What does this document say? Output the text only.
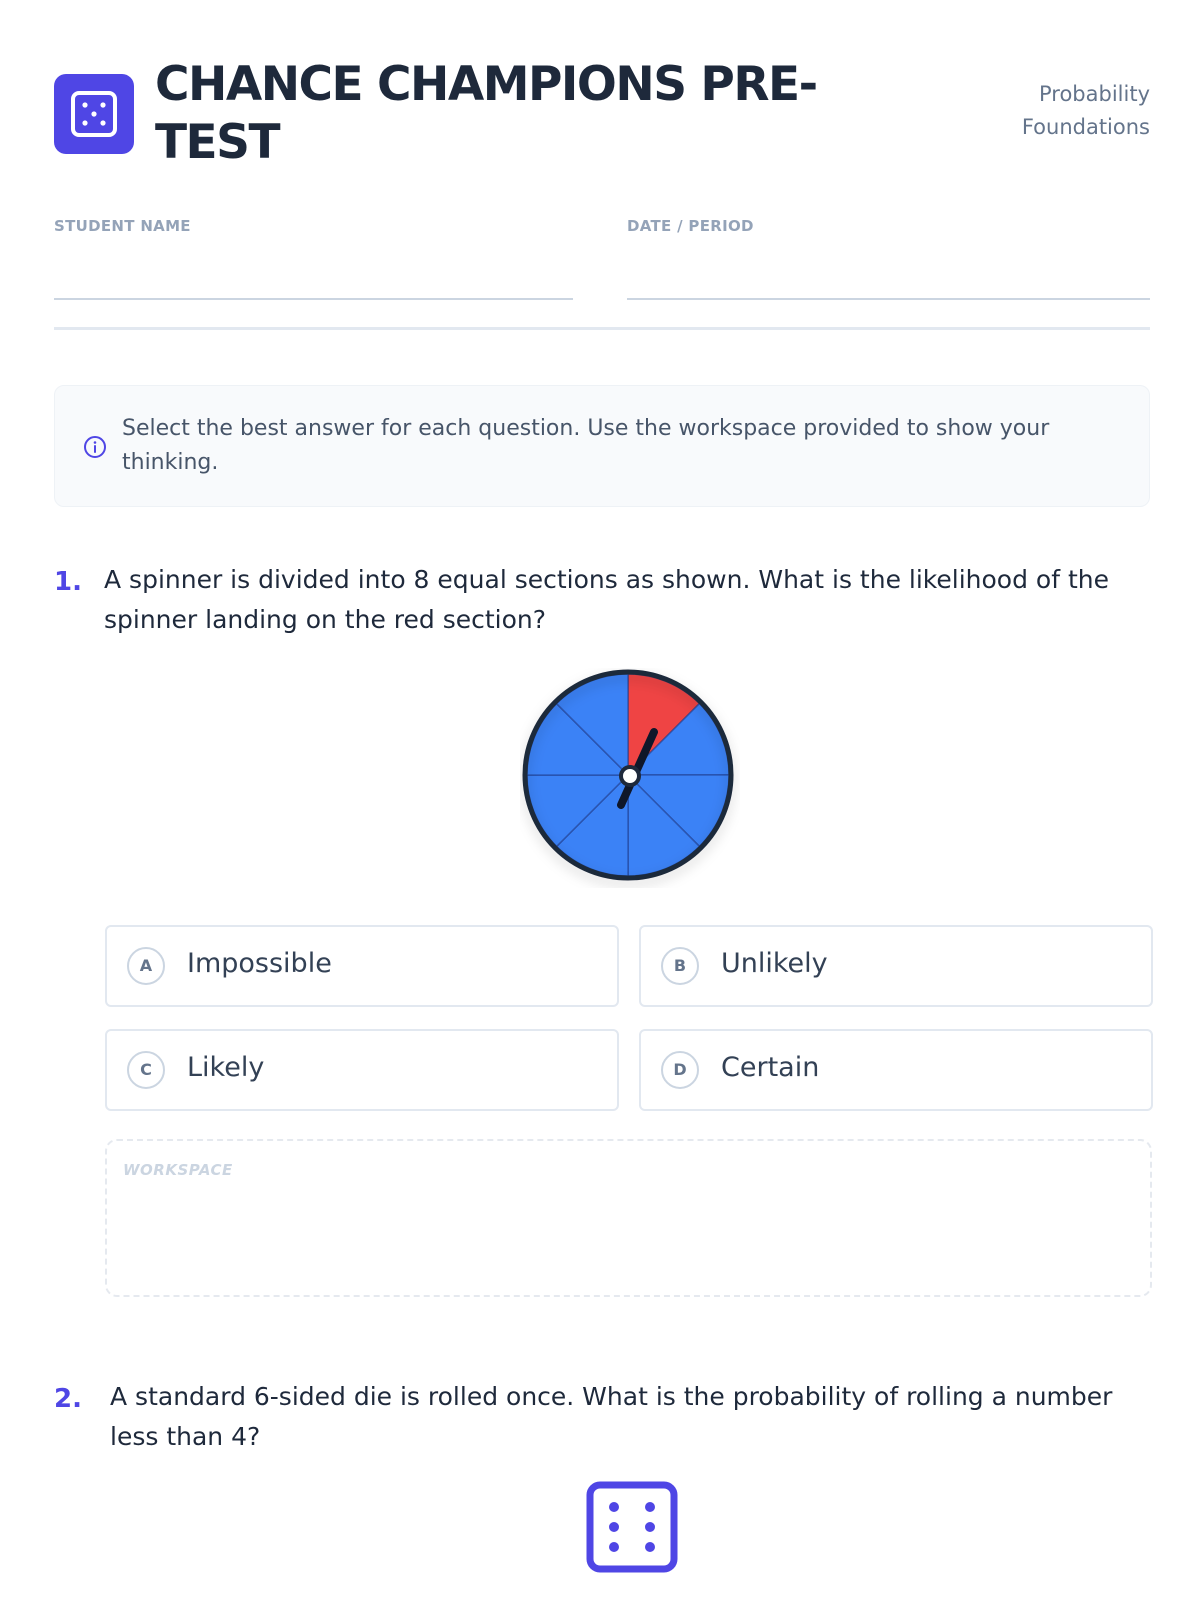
CHANCE CHAMPIONS PRE-TEST
Probability
Foundations
STUDENT NAME	DATE / PERIOD
Select the best answer for each question. Use the workspace provided to show your thinking.
1. A spinner is divided into 8 equal sections as shown. What is the likelihood of the spinner landing on the red section?
A	Impossible	B	Unlikely
C	Likely	D	Certain
WORKSPACE
2. A standard 6-sided die is rolled once. What is the probability of rolling a number less than 4?
